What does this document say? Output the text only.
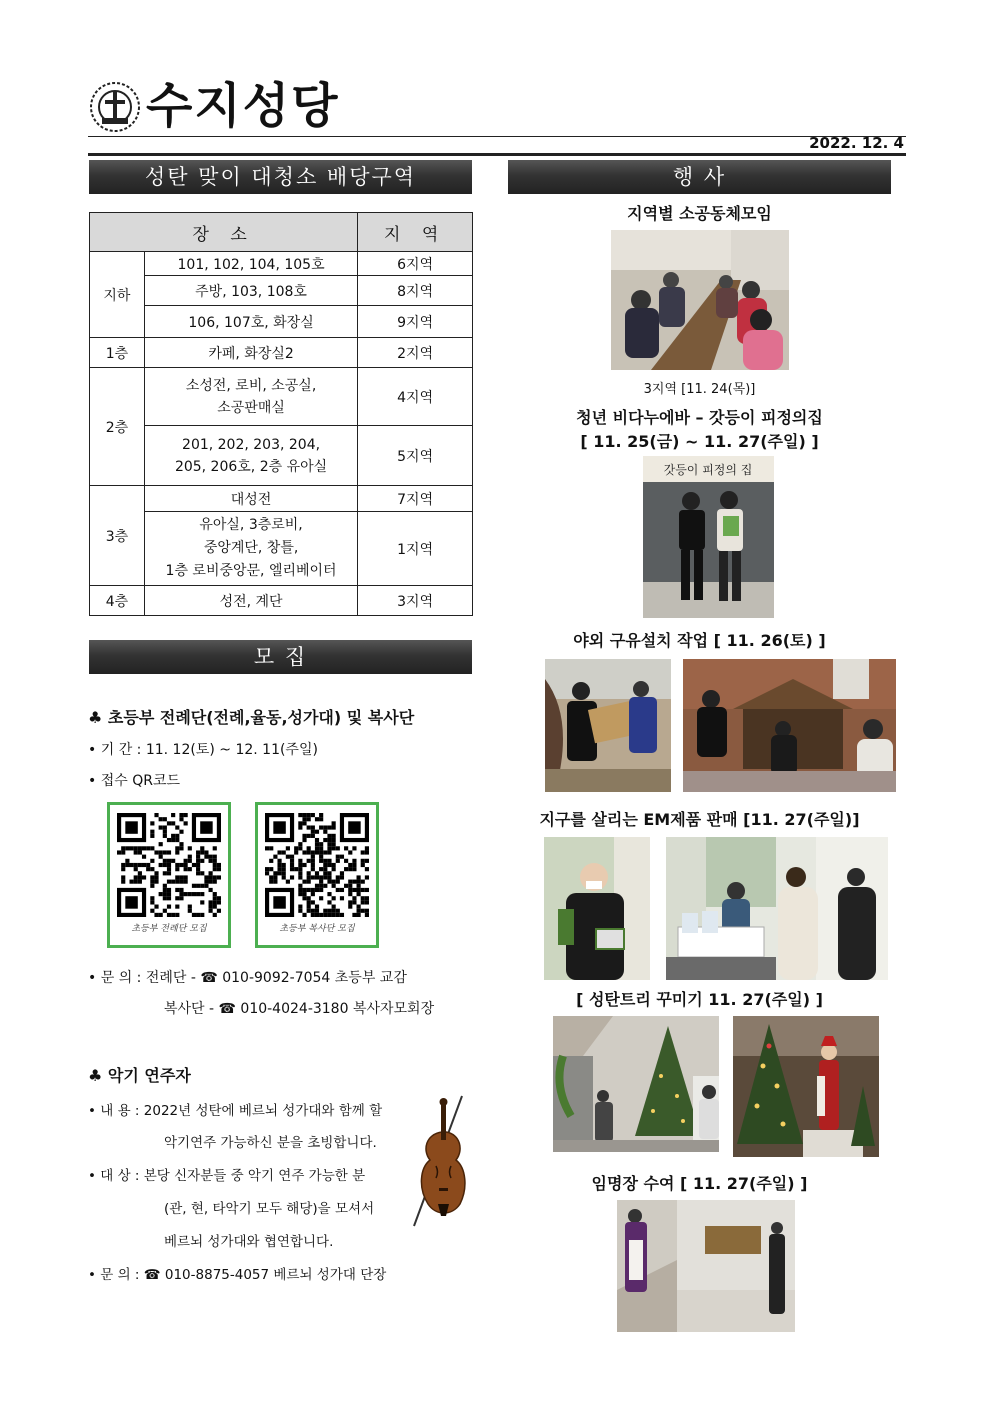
수지성당
2022. 12. 4
성탄 맞이 대청소 배당구역
장 소		지 역
지하	101, 102, 104, 105호	6지역
	주방, 103, 108호	8지역
	106, 107호, 화장실	9지역
1층	카페, 화장실2	2지역
2층	소성전, 로비, 소공실,
소공판매실	4지역
	201, 202, 203, 204,
205, 206호, 2층 유아실	5지역
3층	대성전	7지역
	유아실, 3층로비,
중앙계단, 창틀,
1층 로비중앙문, 엘리베이터	1지역
4층	성전, 계단	3지역
모 집
♣ 초등부 전례단(전례,율동,성가대) 및 복사단
• 기 간 : 11. 12(토) ~ 12. 11(주일)
• 접수 QR코드
초등부 전례단 모집	초등부 복사단 모집
• 문 의 : 전례단 - ☎ 010-9092-7054 초등부 교감
복사단 - ☎ 010-4024-3180 복사자모회장
♣ 악기 연주자
• 내 용 : 2022년 성탄에 베르뇌 성가대와 함께 할
악기연주 가능하신 분을 초빙합니다.
• 대 상 : 본당 신자분들 중 악기 연주 가능한 분
(관, 현, 타악기 모두 해당)을 모셔서
베르뇌 성가대와 협연합니다.
• 문 의 : ☎ 010-8875-4057 베르뇌 성가대 단장
행 사
지역별 소공동체모임
3지역 [11. 24(목)]
청년 비다누에바 – 갓등이 피정의집
[ 11. 25(금) ~ 11. 27(주일) ]
갓등이 피정의 집
야외 구유설치 작업 [ 11. 26(토) ]
지구를 살리는 EM제품 판매 [11. 27(주일)]
[ 성탄트리 꾸미기 11. 27(주일) ]
임명장 수여 [ 11. 27(주일) ]
